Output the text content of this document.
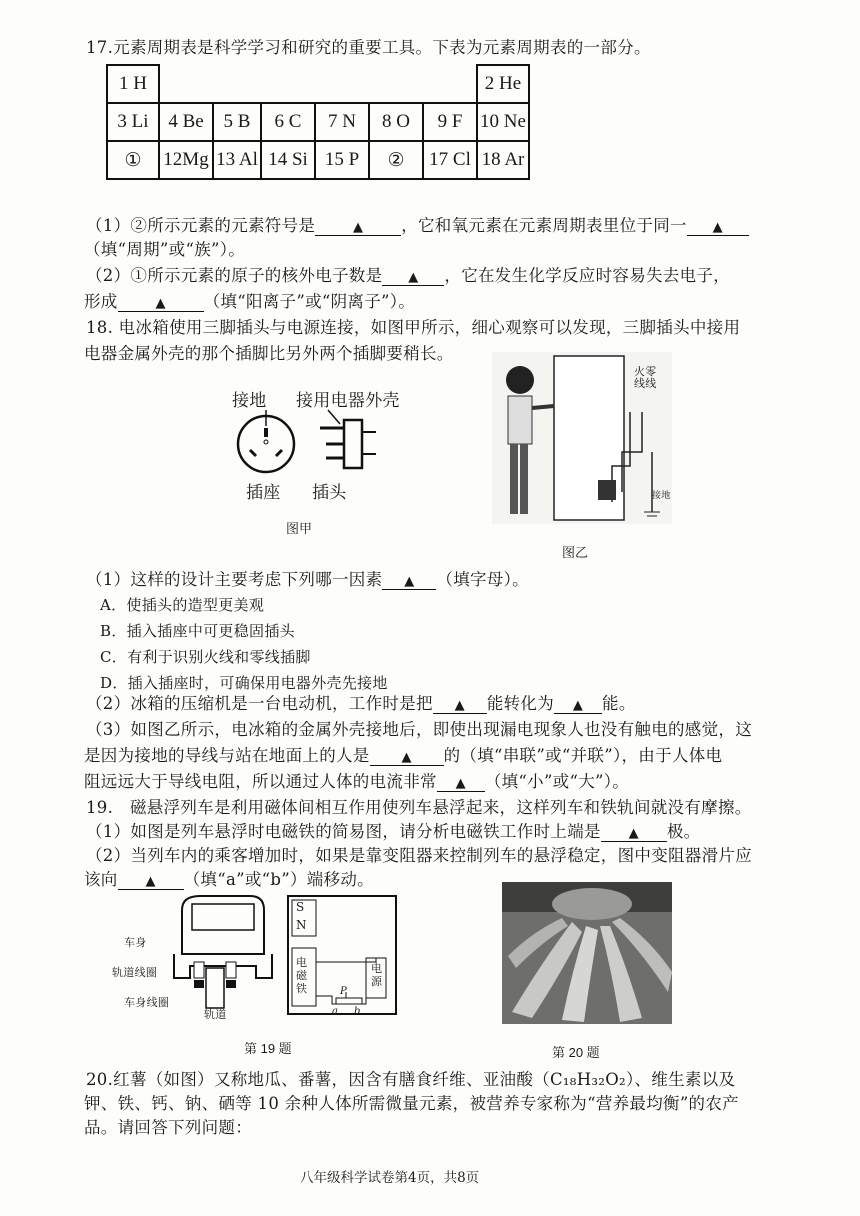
17.元素周期表是科学学习和研究的重要工具。下表为元素周期表的一部分。
1 H							2 He
3 Li	4 Be	5 B	6 C	7 N	8 O	9 F	10 Ne
①	12Mg	13 Al	14 Si	15 P	②	17 Cl	18 Ar
（1）②所示元素的元素符号是	▲ ，它和氧元素在元素周期表里位于同一 ▲
（填“周期”或“族”）。
（2）①所示元素的原子的核外电子数是 ▲ ，它在发生化学反应时容易失去电子，
形成	▲ （填“阳离子”或“阴离子”）。
18. 电冰箱使用三脚插头与电源连接，如图甲所示，细心观察可以发现，三脚插头中接用
电器金属外壳的那个插脚比另外两个插脚要稍长。
接地 接用电器外壳
插座 插头
图甲
火零线线
接地
图乙
（1）这样的设计主要考虑下列哪一因素 ▲ （填字母）。
A．使插头的造型更美观
B．插入插座中可更稳固插头
C．有利于识别火线和零线插脚
D．插入插座时，可确保用电器外壳先接地
（2）冰箱的压缩机是一台电动机，工作时是把 ▲ 能转化为 ▲ 能。
（3）如图乙所示，电冰箱的金属外壳接地后，即使出现漏电现象人也没有触电的感觉，这
是因为接地的导线与站在地面上的人是 ▲ 的（填“串联”或“并联”），由于人体电
阻远远大于导线电阻，所以通过人体的电流非常 ▲ （填“小”或“大”）。
19.　磁悬浮列车是利用磁体间相互作用使列车悬浮起来，这样列车和铁轨间就没有摩擦。
（1）如图是列车悬浮时电磁铁的简易图，请分析电磁铁工作时上端是 ▲ 极。
（2）当列车内的乘客增加时，如果是靠变阻器来控制列车的悬浮稳定，图中变阻器滑片应
该向 ▲ （填“a”或“b”）端移动。
车身
轨道线圈
车身线圈
轨道
S
N
电磁铁
电源
P
a b
第 19 题	第 20 题
20.红薯（如图）又称地瓜、番薯，因含有膳食纤维、亚油酸（C₁₈H₃₂O₂）、维生素以及
钾、铁、钙、钠、硒等 10 余种人体所需微量元素，被营养专家称为“营养最均衡”的农产
品。请回答下列问题：
八年级科学试卷第4页，共8页
